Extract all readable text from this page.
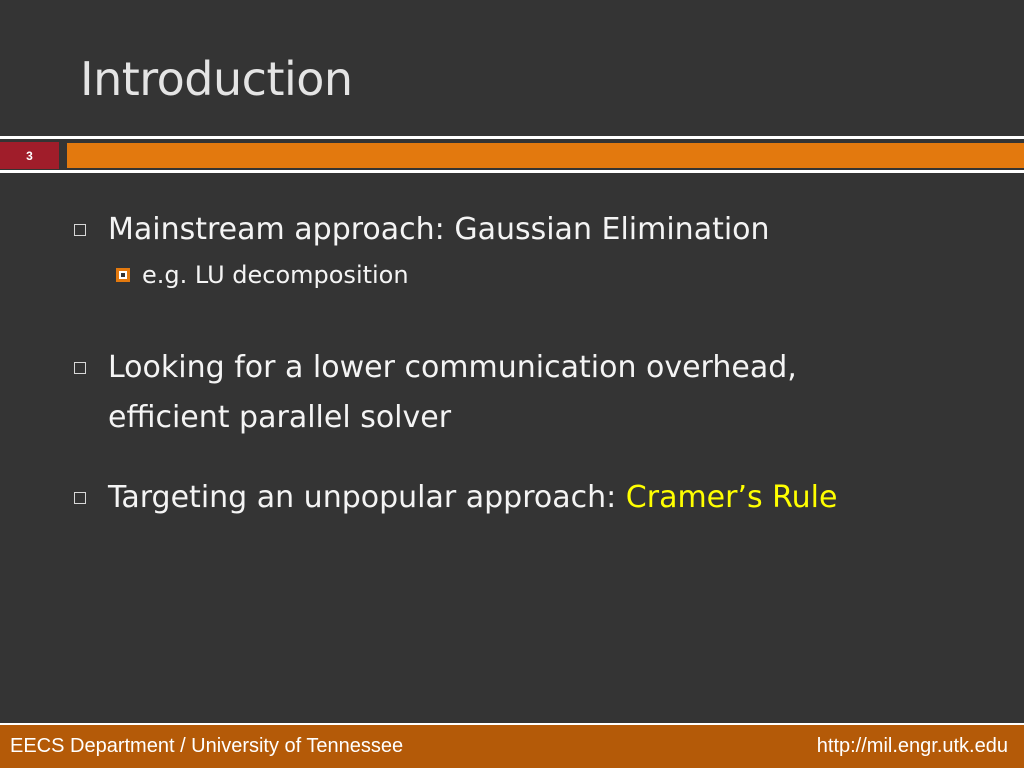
Introduction
3
Mainstream approach: Gaussian Elimination
e.g. LU decomposition
Looking for a lower communication overhead,
efficient parallel solver
Targeting an unpopular approach: Cramer’s Rule
EECS Department / University of Tennessee	http://mil.engr.utk.edu
